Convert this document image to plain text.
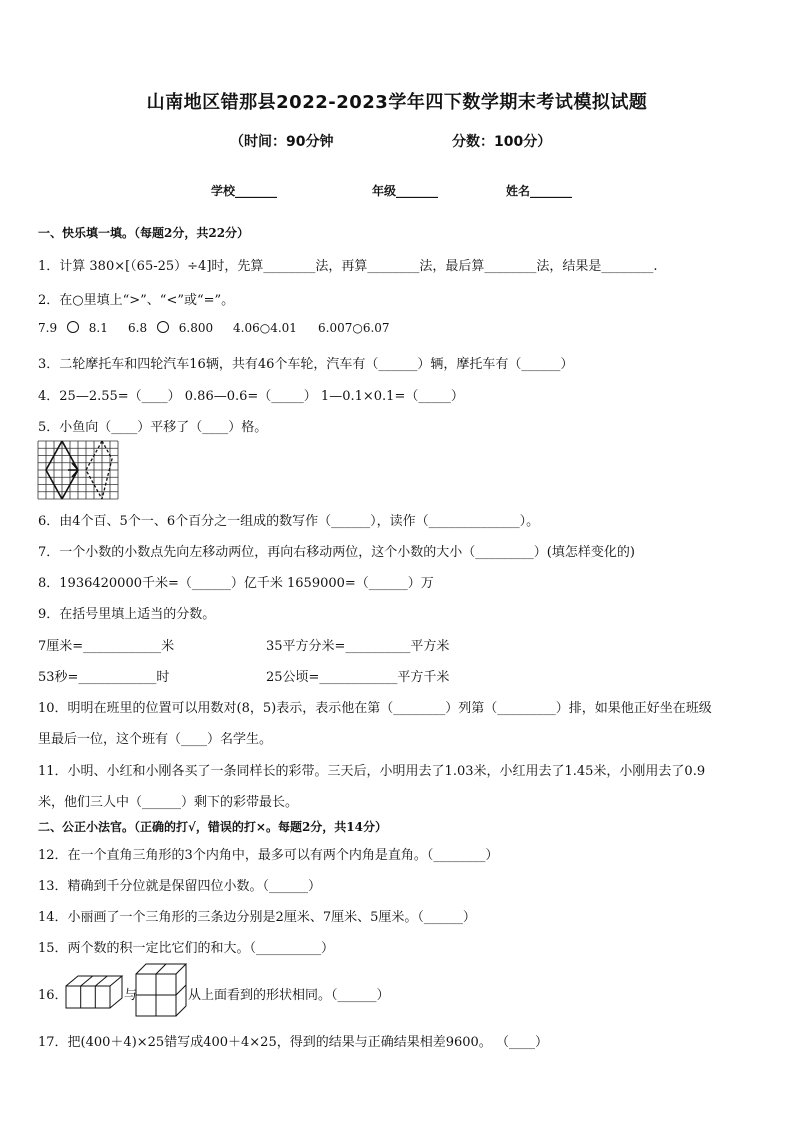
山南地区错那县2022-2023学年四下数学期末考试模拟试题
（时间：90分钟	分数：100分）
学校_______	年级_______	姓名_______
一、快乐填一填。（每题2分，共22分）
1．计算 380×[（65-25）÷4]时，先算________法，再算________法，最后算________法，结果是________.
2．在○里填上“>”、“<”或“=”。
7.9	8.1 6.8	6.800 4.06○4.01 6.007○6.07
3．二轮摩托车和四轮汽车16辆，共有46个车轮，汽车有（______）辆，摩托车有（______）
4．25—2.55=（____） 0.86—0.6=（_____） 1—0.1×0.1=（_____）
5．小鱼向（____）平移了（____）格。
6．由4个百、5个一、6个百分之一组成的数写作（______），读作（______________）。
7．一个小数的小数点先向左移动两位，再向右移动两位，这个小数的大小（_________）(填怎样变化的)
8．1936420000千米=（______）亿千米 1659000=（______）万
9．在括号里填上适当的分数。
7厘米=____________米	35平方分米=__________平方米
53秒=____________时	25公顷=____________平方千米
10．明明在班里的位置可以用数对(8，5)表示，表示他在第（________）列第（_________）排，如果他正好坐在班级
里最后一位，这个班有（____）名学生。
11．小明、小红和小刚各买了一条同样长的彩带。三天后，小明用去了1.03米，小红用去了1.45米，小刚用去了0.9
米，他们三人中（______）剩下的彩带最长。
二、公正小法官。（正确的打√，错误的打×。每题2分，共14分）
12．在一个直角三角形的3个内角中，最多可以有两个内角是直角。（________）
13．精确到千分位就是保留四位小数。（______）
14．小丽画了一个三角形的三条边分别是2厘米、7厘米、5厘米。（______）
15．两个数的积一定比它们的和大。（__________）
16．	与	从上面看到的形状相同。（______）
17．把(400＋4)×25错写成400＋4×25，得到的结果与正确结果相差9600。 （____）
